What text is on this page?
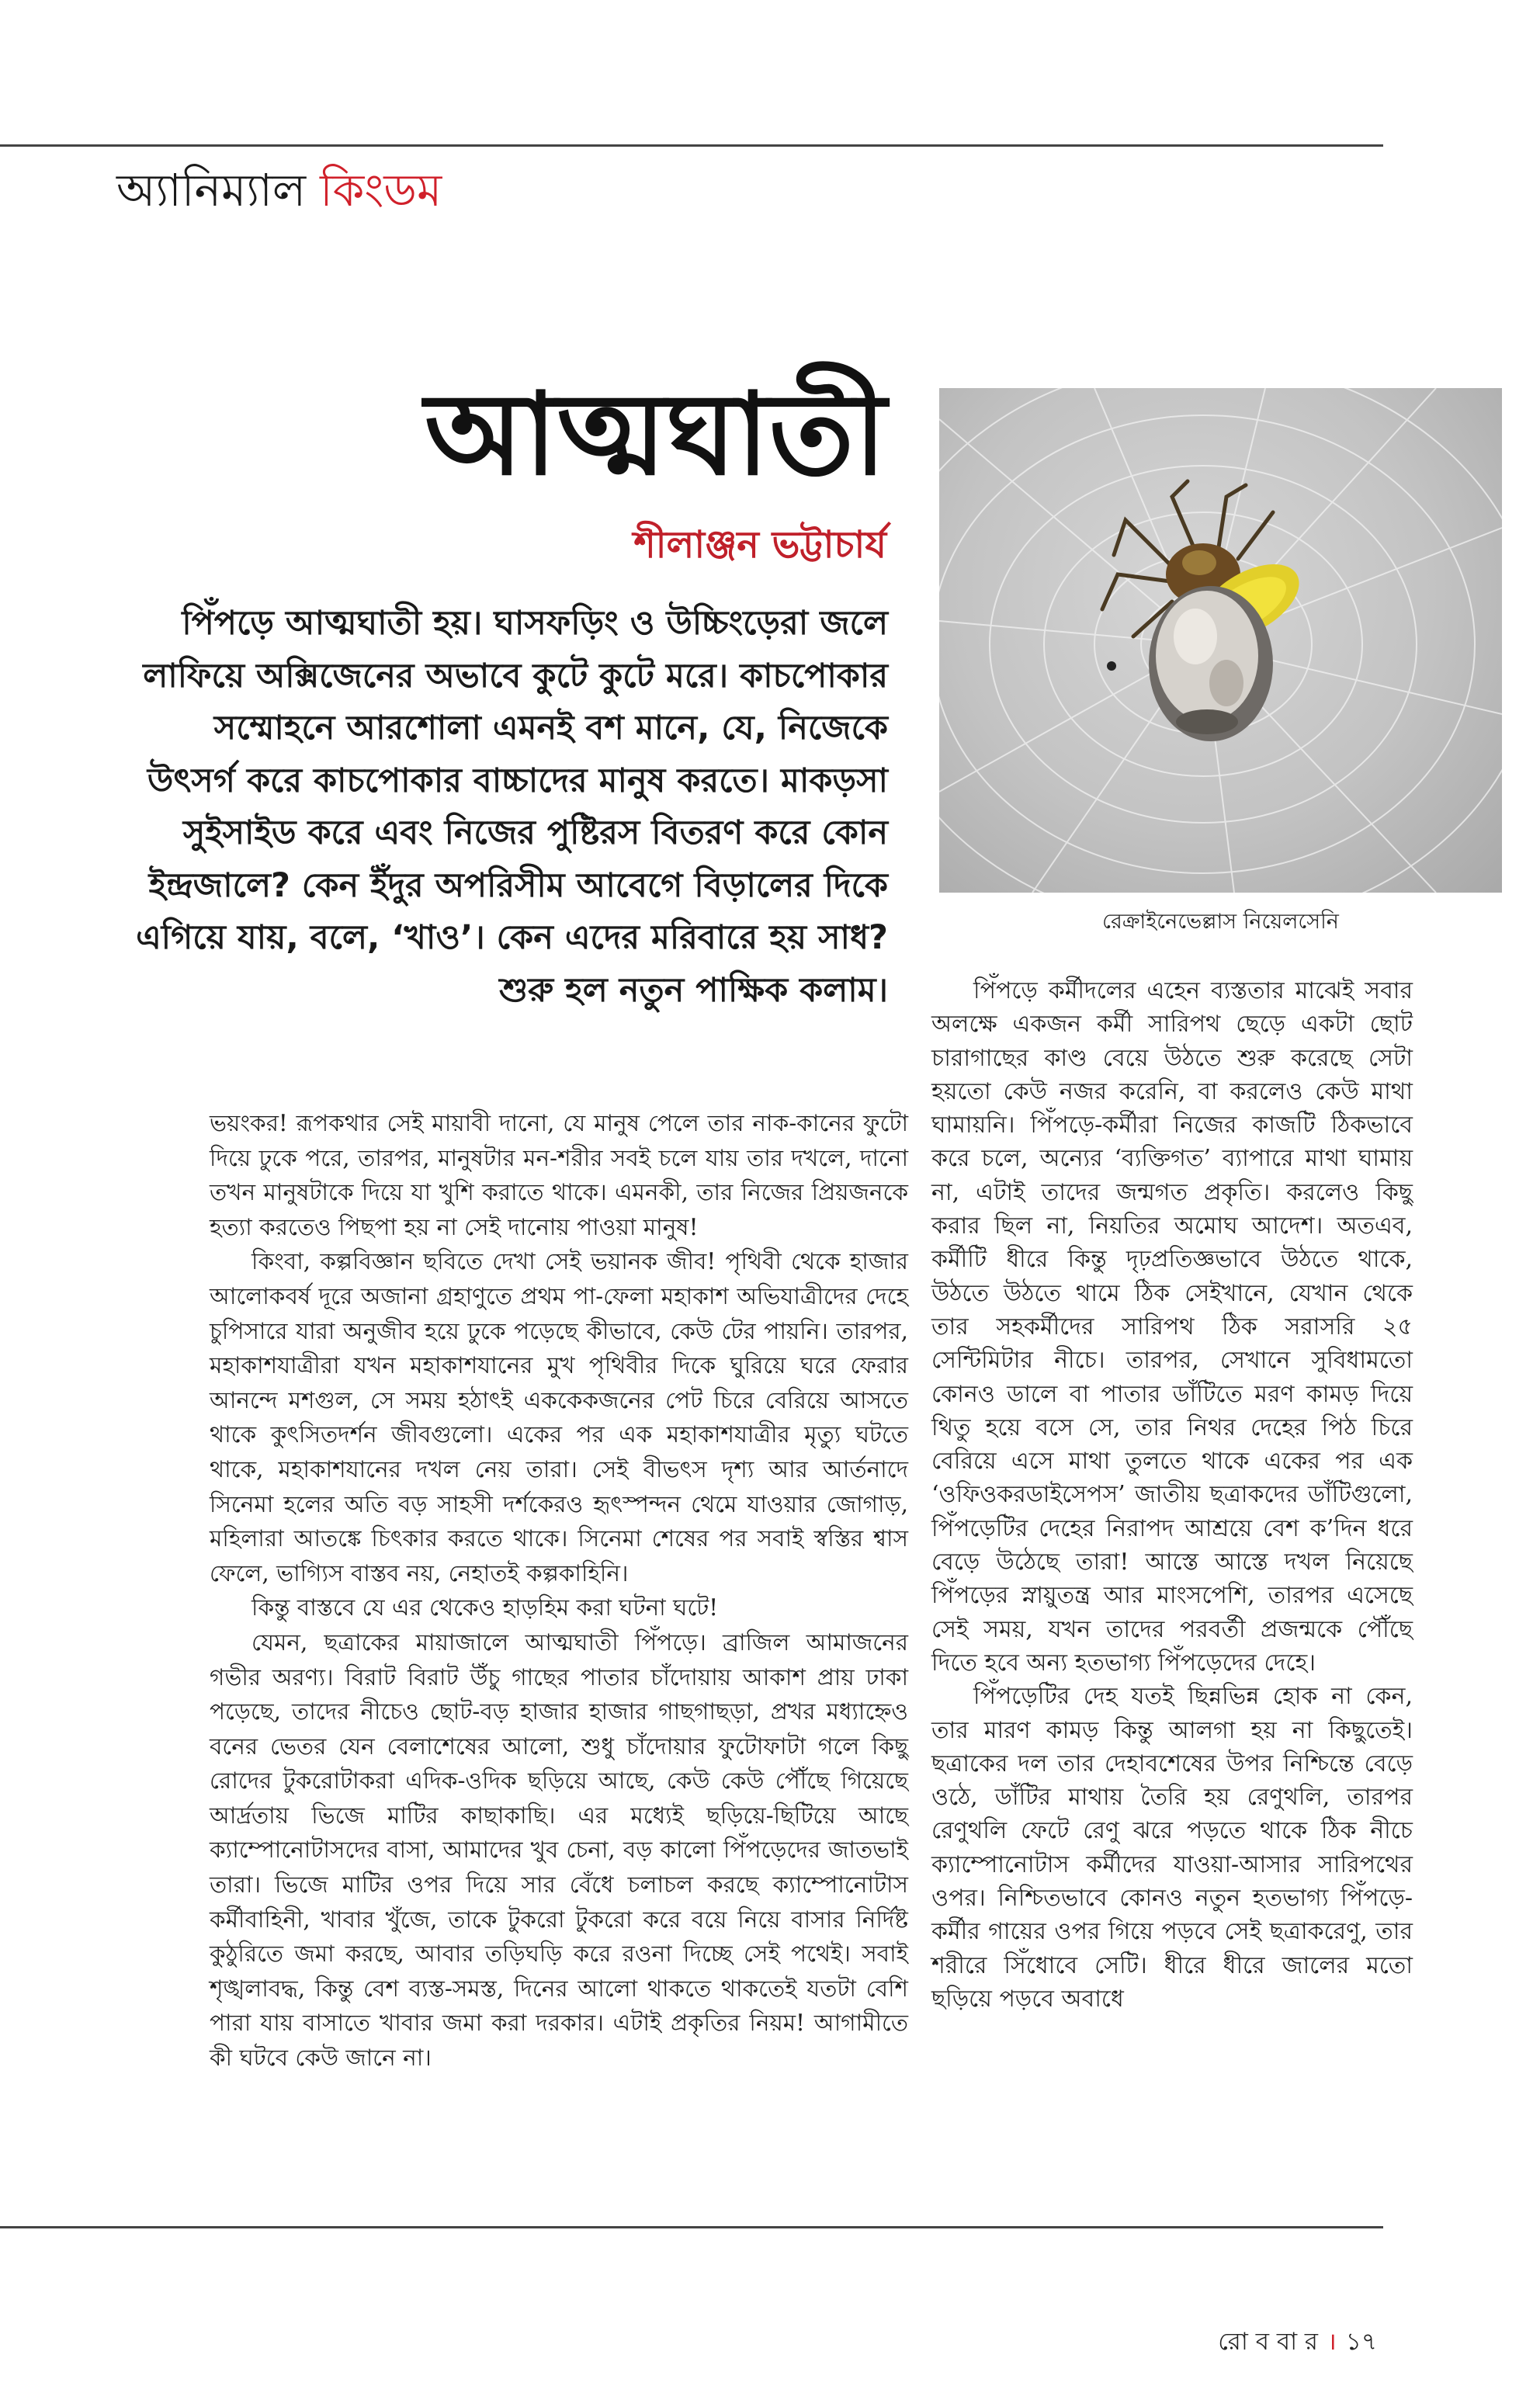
অ্যানিম্যাল কিংডম
আত্মঘাতী
শীলাঞ্জন ভট্টাচার্য

পিঁপড়ে আত্মঘাতী হয়। ঘাসফড়িং ও উচ্চিংড়েরা জলে লাফিয়ে অক্সিজেনের অভাবে কুটে কুটে মরে। কাচপোকার সম্মোহনে আরশোলা এমনই বশ মানে, যে, নিজেকে উৎসর্গ করে কাচপোকার বাচ্চাদের মানুষ করতে। মাকড়সা সুইসাইড করে এবং নিজের পুষ্টিরস বিতরণ করে কোন ইন্দ্রজালে? কেন ইঁদুর অপরিসীম আবেগে বিড়ালের দিকে এগিয়ে যায়, বলে, ‘খাও’। কেন এদের মরিবারে হয় সাধ? শুরু হল নতুন পাক্ষিক কলাম।

রেক্রাইনেভেল্লাস নিয়েলসেনি

ভয়ংকর! রূপকথার সেই মায়াবী দানো, যে মানুষ পেলে তার নাক-কানের ফুটো দিয়ে ঢুকে পরে, তারপর, মানুষটার মন-শরীর সবই চলে যায় তার দখলে, দানো তখন মানুষটাকে দিয়ে যা খুশি করাতে থাকে। এমনকী, তার নিজের প্রিয়জনকে হত্যা করতেও পিছপা হয় না সেই দানোয় পাওয়া মানুষ!

কিংবা, কল্পবিজ্ঞান ছবিতে দেখা সেই ভয়ানক জীব! পৃথিবী থেকে হাজার আলোকবর্ষ দূরে অজানা গ্রহাণুতে প্রথম পা-ফেলা মহাকাশ অভিযাত্রীদের দেহে চুপিসারে যারা অনুজীব হয়ে ঢুকে পড়েছে কীভাবে, কেউ টের পায়নি। তারপর, মহাকাশযাত্রীরা যখন মহাকাশযানের মুখ পৃথিবীর দিকে ঘুরিয়ে ঘরে ফেরার আনন্দে মশগুল, সে সময় হঠাৎই এককেকজনের পেট চিরে বেরিয়ে আসতে থাকে কুৎসিতদর্শন জীবগুলো। একের পর এক মহাকাশযাত্রীর মৃত্যু ঘটতে থাকে, মহাকাশযানের দখল নেয় তারা। সেই বীভৎস দৃশ্য আর আর্তনাদে সিনেমা হলের অতি বড় সাহসী দর্শকেরও হৃৎস্পন্দন থেমে যাওয়ার জোগাড়, মহিলারা আতঙ্কে চিৎকার করতে থাকে। সিনেমা শেষের পর সবাই স্বস্তির শ্বাস ফেলে, ভাগ্যিস বাস্তব নয়, নেহাতই কল্পকাহিনি।

কিন্তু বাস্তবে যে এর থেকেও হাড়হিম করা ঘটনা ঘটে!

যেমন, ছত্রাকের মায়াজালে আত্মঘাতী পিঁপড়ে। ব্রাজিল আমাজনের গভীর অরণ্য। বিরাট বিরাট উঁচু গাছের পাতার চাঁদোয়ায় আকাশ প্রায় ঢাকা পড়েছে, তাদের নীচেও ছোট-বড় হাজার হাজার গাছগাছড়া, প্রখর মধ্যাহ্নেও বনের ভেতর যেন বেলাশেষের আলো, শুধু চাঁদোয়ার ফুটোফাটা গলে কিছু রোদের টুকরোটাকরা এদিক-ওদিক ছড়িয়ে আছে, কেউ কেউ পৌঁছে গিয়েছে আর্দ্রতায় ভিজে মাটির কাছাকাছি। এর মধ্যেই ছড়িয়ে-ছিটিয়ে আছে ক্যাম্পোনোটাসদের বাসা, আমাদের খুব চেনা, বড় কালো পিঁপড়েদের জাতভাই তারা। ভিজে মাটির ওপর দিয়ে সার বেঁধে চলাচল করছে ক্যাম্পোনোটাস কর্মীবাহিনী, খাবার খুঁজে, তাকে টুকরো টুকরো করে বয়ে নিয়ে বাসার নির্দিষ্ট কুঠুরিতে জমা করছে, আবার তড়িঘড়ি করে রওনা দিচ্ছে সেই পথেই। সবাই শৃঙ্খলাবদ্ধ, কিন্তু বেশ ব্যস্ত-সমস্ত, দিনের আলো থাকতে থাকতেই যতটা বেশি পারা যায় বাসাতে খাবার জমা করা দরকার। এটাই প্রকৃতির নিয়ম! আগামীতে কী ঘটবে কেউ জানে না।

পিঁপড়ে কর্মীদলের এহেন ব্যস্ততার মাঝেই সবার অলক্ষে একজন কর্মী সারিপথ ছেড়ে একটা ছোট চারাগাছের কাণ্ড বেয়ে উঠতে শুরু করেছে সেটা হয়তো কেউ নজর করেনি, বা করলেও কেউ মাথা ঘামায়নি। পিঁপড়ে-কর্মীরা নিজের কাজটি ঠিকভাবে করে চলে, অন্যের ‘ব্যক্তিগত’ ব্যাপারে মাথা ঘামায় না, এটাই তাদের জন্মগত প্রকৃতি। করলেও কিছু করার ছিল না, নিয়তির অমোঘ আদেশ। অতএব, কর্মীটি ধীরে কিন্তু দৃঢ়প্রতিজ্ঞভাবে উঠতে থাকে, উঠতে উঠতে থামে ঠিক সেইখানে, যেখান থেকে তার সহকর্মীদের সারিপথ ঠিক সরাসরি ২৫ সেন্টিমিটার নীচে। তারপর, সেখানে সুবিধামতো কোনও ডালে বা পাতার ডাঁটিতে মরণ কামড় দিয়ে থিতু হয়ে বসে সে, তার নিথর দেহের পিঠ চিরে বেরিয়ে এসে মাথা তুলতে থাকে একের পর এক ‘ওফিওকরডাইসেপস’ জাতীয় ছত্রাকদের ডাঁটিগুলো, পিঁপড়েটির দেহের নিরাপদ আশ্রয়ে বেশ ক’দিন ধরে বেড়ে উঠেছে তারা! আস্তে আস্তে দখল নিয়েছে পিঁপড়ের স্নায়ুতন্ত্র আর মাংসপেশি, তারপর এসেছে সেই সময়, যখন তাদের পরবর্তী প্রজন্মকে পৌঁছে দিতে হবে অন্য হতভাগ্য পিঁপড়েদের দেহে।

পিঁপড়েটির দেহ যতই ছিন্নভিন্ন হোক না কেন, তার মারণ কামড় কিন্তু আলগা হয় না কিছুতেই। ছত্রাকের দল তার দেহাবশেষের উপর নিশ্চিন্তে বেড়ে ওঠে, ডাঁটির মাথায় তৈরি হয় রেণুথলি, তারপর রেণুথলি ফেটে রেণু ঝরে পড়তে থাকে ঠিক নীচে ক্যাম্পোনোটাস কর্মীদের যাওয়া-আসার সারিপথের ওপর। নিশ্চিতভাবে কোনও নতুন হতভাগ্য পিঁপড়ে-কর্মীর গায়ের ওপর গিয়ে পড়বে সেই ছত্রাকরেণু, তার শরীরে সিঁধোবে সেটি। ধীরে ধীরে জালের মতো ছড়িয়ে পড়বে অবাধে

রো ব বা র । ১৭
